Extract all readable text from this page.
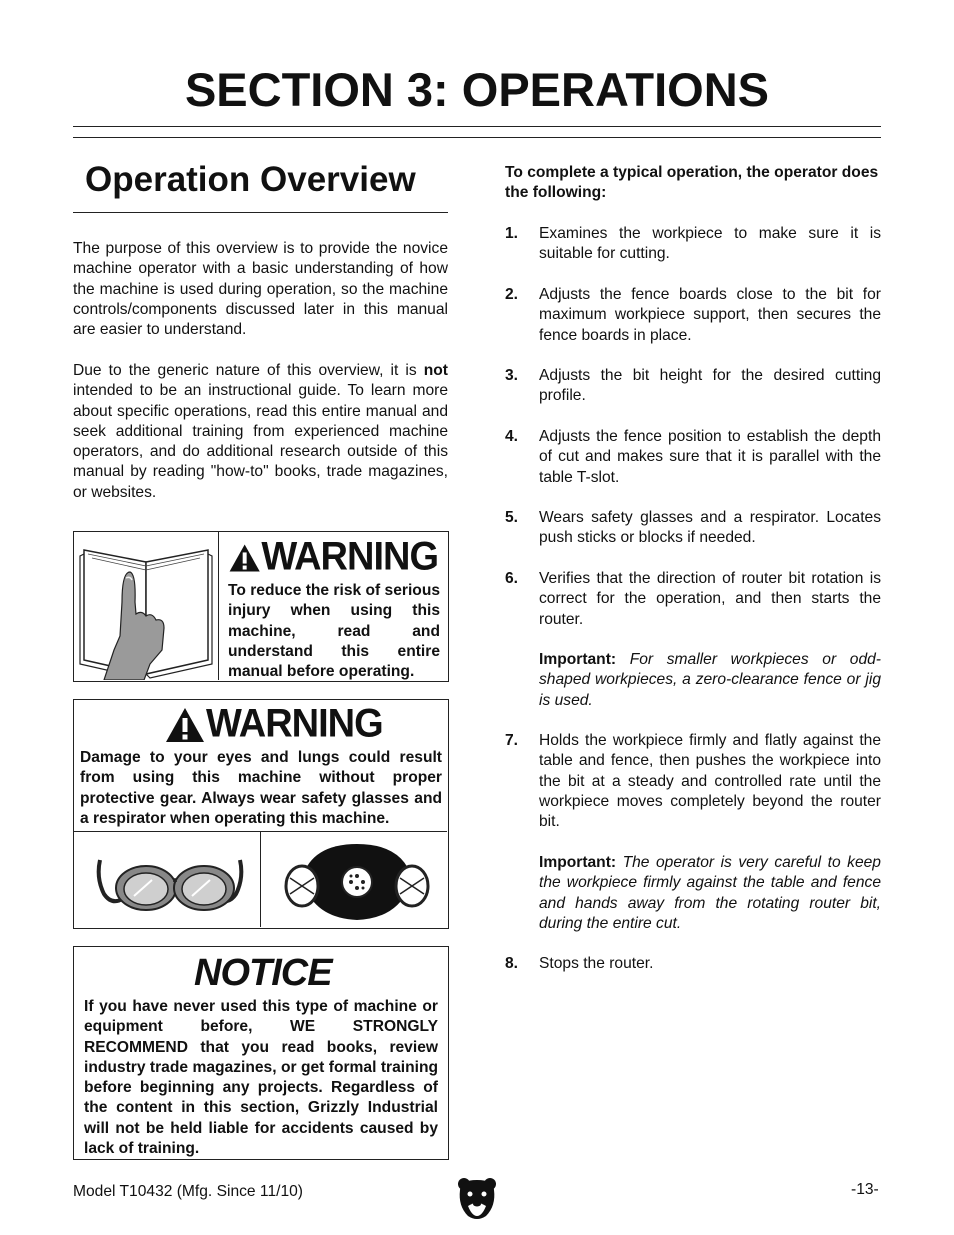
SECTION 3: OPERATIONS
Operation Overview
The purpose of this overview is to provide the novice machine operator with a basic understanding of how the machine is used during operation, so the machine controls/components discussed later in this manual are easier to understand.
Due to the generic nature of this overview, it is not intended to be an instructional guide. To learn more about specific operations, read this entire manual and seek additional training from experienced machine operators, and do additional research outside of this manual by reading "how-to" books, trade magazines, or websites.
WARNING
To reduce the risk of serious injury when using this machine, read and understand this entire manual before operating.
WARNING
Damage to your eyes and lungs could result from using this machine without proper protective gear. Always wear safety glasses and a respirator when operating this machine.
NOTICE
If you have never used this type of machine or equipment before, WE STRONGLY RECOMMEND that you read books, review industry trade magazines, or get formal training before beginning any projects. Regardless of the content in this section, Grizzly Industrial will not be held liable for accidents caused by lack of training.
To complete a typical operation, the operator does the following:
1. Examines the workpiece to make sure it is suitable for cutting.
2. Adjusts the fence boards close to the bit for maximum workpiece support, then secures the fence boards in place.
3. Adjusts the bit height for the desired cutting profile.
4. Adjusts the fence position to establish the depth of cut and makes sure that it is parallel with the table T-slot.
5. Wears safety glasses and a respirator. Locates push sticks or blocks if needed.
6. Verifies that the direction of router bit rotation is correct for the operation, and then starts the router.
Important: For smaller workpieces or odd-shaped workpieces, a zero-clearance fence or jig is used.
7. Holds the workpiece firmly and flatly against the table and fence, then pushes the workpiece into the bit at a steady and controlled rate until the workpiece moves completely beyond the router bit.
Important: The operator is very careful to keep the workpiece firmly against the table and fence and hands away from the rotating router bit, during the entire cut.
8. Stops the router.
Model T10432 (Mfg. Since 11/10)	-13-
